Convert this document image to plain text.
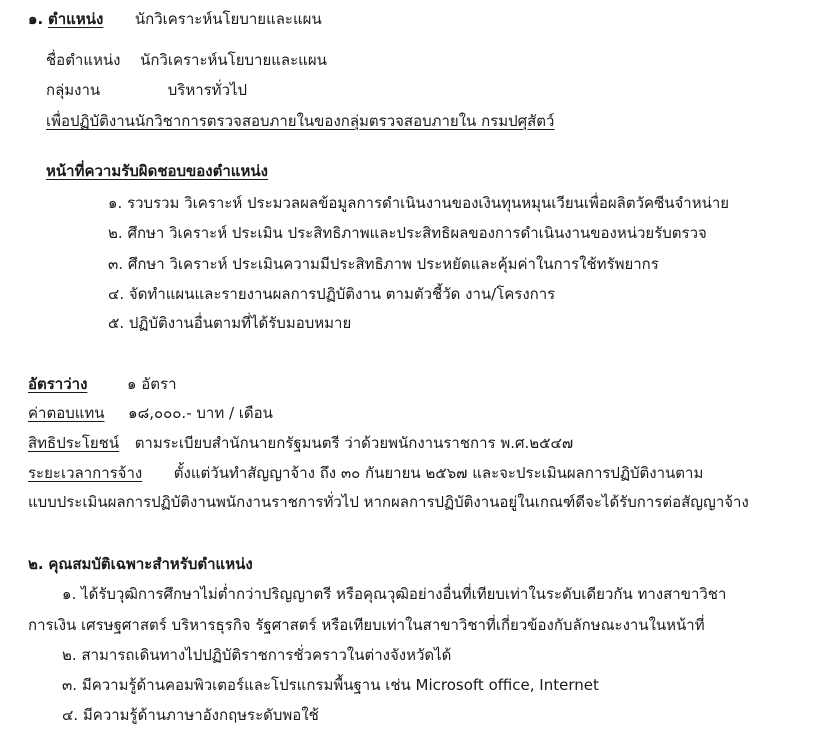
๑. ตำแหน่ง นักวิเคราะห์นโยบายและแผน
ชื่อตำแหน่ง นักวิเคราะห์นโยบายและแผน
กลุ่มงาน	บริหารทั่วไป
เพื่อปฏิบัติงานนักวิชาการตรวจสอบภายในของกลุ่มตรวจสอบภายใน กรมปศุสัตว์
หน้าที่ความรับผิดชอบของตำแหน่ง
๑. รวบรวม วิเคราะห์ ประมวลผลข้อมูลการดำเนินงานของเงินทุนหมุนเวียนเพื่อผลิตวัคซีนจำหน่าย
๒. ศึกษา วิเคราะห์ ประเมิน ประสิทธิภาพและประสิทธิผลของการดำเนินงานของหน่วยรับตรวจ
๓. ศึกษา วิเคราะห์ ประเมินความมีประสิทธิภาพ ประหยัดและคุ้มค่าในการใช้ทรัพยากร
๔. จัดทำแผนและรายงานผลการปฏิบัติงาน ตามตัวชี้วัด งาน/โครงการ
๕. ปฏิบัติงานอื่นตามที่ได้รับมอบหมาย
อัตราว่าง	๑ อัตรา
ค่าตอบแทน ๑๘,๐๐๐.- บาท / เดือน
สิทธิประโยชน์ ตามระเบียบสำนักนายกรัฐมนตรี ว่าด้วยพนักงานราชการ พ.ศ.๒๕๔๗
ระยะเวลาการจ้าง ตั้งแต่วันทำสัญญาจ้าง ถึง ๓๐ กันยายน ๒๕๖๗ และจะประเมินผลการปฏิบัติงานตาม
แบบประเมินผลการปฏิบัติงานพนักงานราชการทั่วไป หากผลการปฏิบัติงานอยู่ในเกณฑ์ดีจะได้รับการต่อสัญญาจ้าง
๒. คุณสมบัติเฉพาะสำหรับตำแหน่ง
๑. ได้รับวุฒิการศึกษาไม่ต่ำกว่าปริญญาตรี หรือคุณวุฒิอย่างอื่นที่เทียบเท่าในระดับเดียวกัน ทางสาขาวิชา
การเงิน เศรษฐศาสตร์ บริหารธุรกิจ รัฐศาสตร์ หรือเทียบเท่าในสาขาวิชาที่เกี่ยวข้องกับลักษณะงานในหน้าที่
๒. สามารถเดินทางไปปฏิบัติราชการชั่วคราวในต่างจังหวัดได้
๓. มีความรู้ด้านคอมพิวเตอร์และโปรแกรมพื้นฐาน เช่น Microsoft office, Internet
๔. มีความรู้ด้านภาษาอังกฤษระดับพอใช้
